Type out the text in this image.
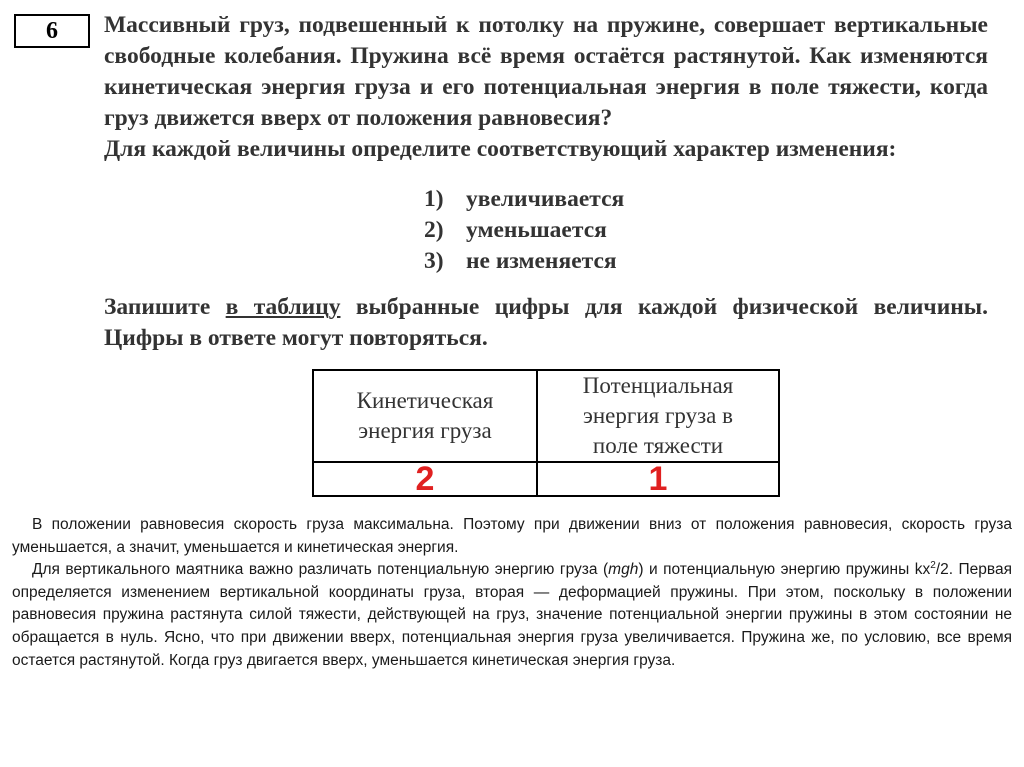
6 Массивный груз, подвешенный к потолку на пружине, совершает вертикальные свободные колебания. Пружина всё время остаётся растянутой. Как изменяются кинетическая энергия груза и его потенциальная энергия в поле тяжести, когда груз движется вверх от положения равновесия?

Для каждой величины определите соответствующий характер изменения:

1) увеличивается
2) уменьшается
3) не изменяется

Запишите в таблицу выбранные цифры для каждой физической величины. Цифры в ответе могут повторяться.

Кинетическая энергия груза	Потенциальная энергия груза в поле тяжести

2	1

В положении равновесия скорость груза максимальна. Поэтому при движении вниз от положения равновесия, скорость груза уменьшается, а значит, уменьшается и кинетическая энергия.

Для вертикального маятника важно различать потенциальную энергию груза (mgh) и потенциальную энергию пружины $kx^2/2$. Первая определяется изменением вертикальной координаты груза, вторая — деформацией пружины. При этом, поскольку в положении равновесия пружина растянута силой тяжести, действующей на груз, значение потенциальной энергии пружины в этом состоянии не обращается в нуль. Ясно, что при движении вверх, потенциальная энергия груза увеличивается. Пружина же, по условию, все время остается растянутой. Когда груз двигается вверх, уменьшается кинетическая энергия груза.
